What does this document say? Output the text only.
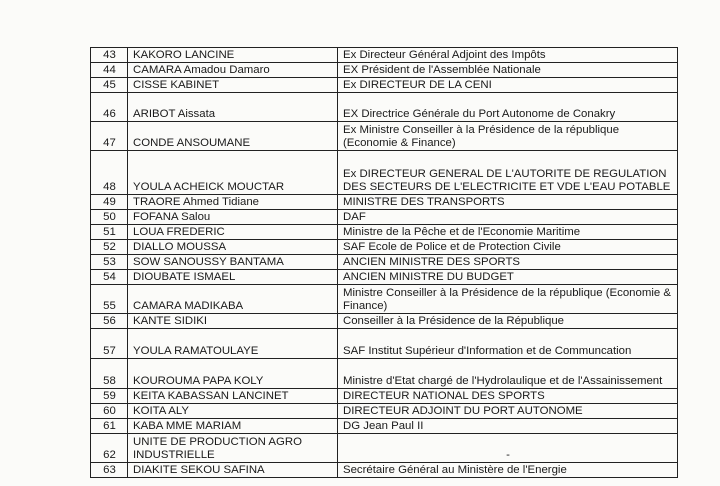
43	KAKORO LANCINE	Ex Directeur Général Adjoint des Impôts
44	CAMARA Amadou Damaro	EX Président de l'Assemblée Nationale
45	CISSE KABINET	Ex DIRECTEUR DE LA CENI
46	ARIBOT Aissata	EX Directrice Générale du Port Autonome de Conakry
47	CONDE ANSOUMANE	Ex Ministre Conseiller à la Présidence de la république (Economie & Finance)
48	YOULA ACHEICK MOUCTAR	Ex DIRECTEUR GENERAL DE L'AUTORITE DE REGULATION DES SECTEURS DE L'ELECTRICITE ET VDE L'EAU POTABLE
49	TRAORE Ahmed Tidiane	MINISTRE DES TRANSPORTS
50	FOFANA Salou	DAF
51	LOUA FREDERIC	Ministre de la Pêche et de l'Economie Maritime
52	DIALLO MOUSSA	SAF Ecole de Police et de Protection Civile
53	SOW SANOUSSY BANTAMA	ANCIEN MINISTRE DES SPORTS
54	DIOUBATE ISMAEL	ANCIEN MINISTRE DU BUDGET
55	CAMARA MADIKABA	Ministre Conseiller à la Présidence de la république (Economie & Finance)
56	KANTE SIDIKI	Conseiller à la Présidence de la République
57	YOULA RAMATOULAYE	SAF Institut Supérieur d'Information et de Communcation
58	KOUROUMA PAPA KOLY	Ministre d'Etat chargé de l'Hydrolaulique et de l'Assainissement
59	KEITA KABASSAN LANCINET	DIRECTEUR NATIONAL DES SPORTS
60	KOITA ALY	DIRECTEUR ADJOINT DU PORT AUTONOME
61	KABA MME MARIAM	DG Jean Paul II
62	UNITE DE PRODUCTION AGRO INDUSTRIELLE	-
63	DIAKITE SEKOU SAFINA	Secrétaire Général au Ministère de l'Energie
